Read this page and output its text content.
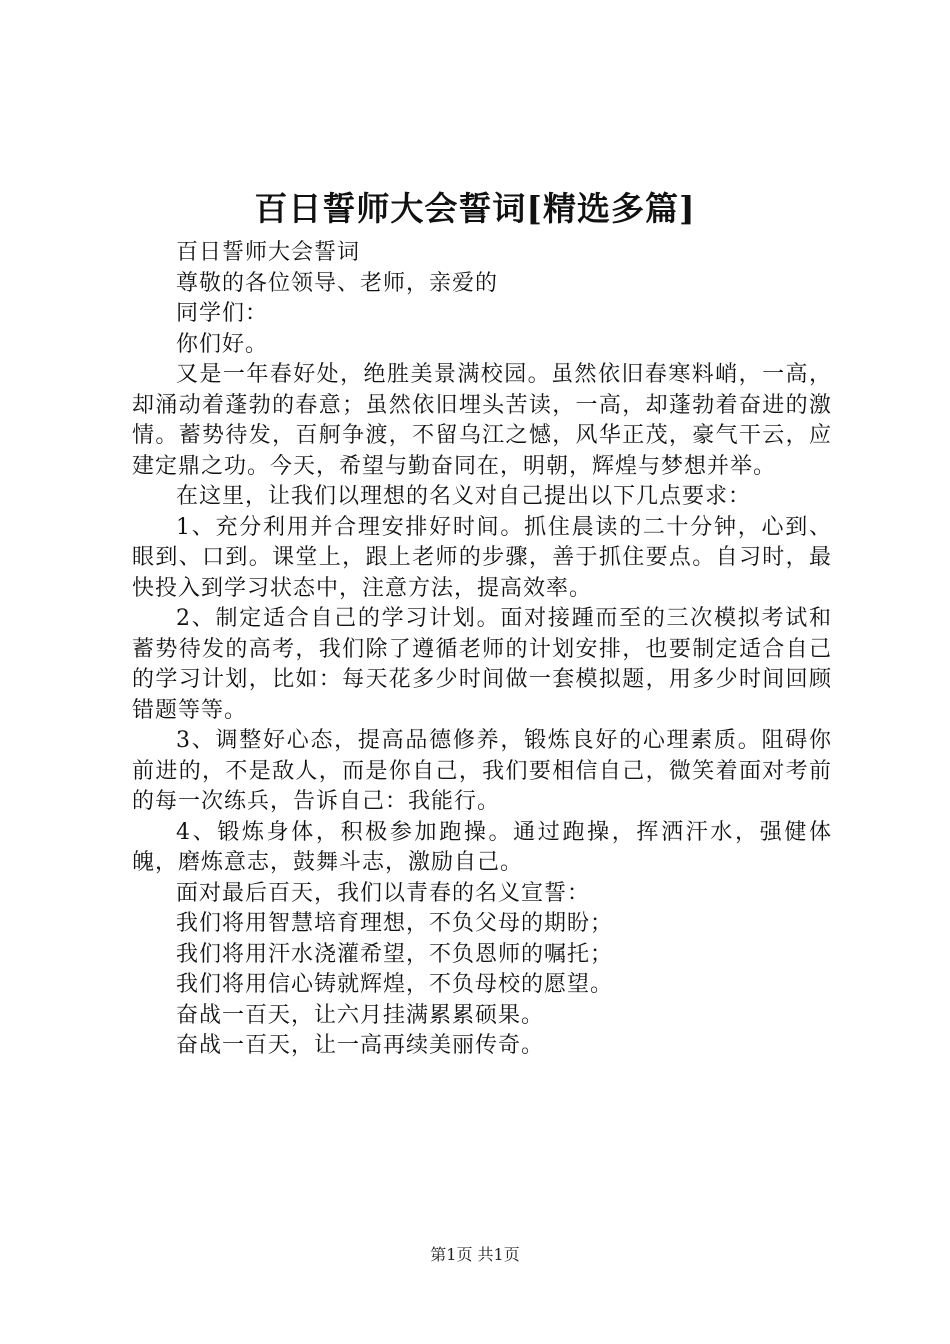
百日誓师大会誓词[精选多篇]

百日誓师大会誓词

尊敬的各位领导、老师，亲爱的

同学们：

你们好。

又是一年春好处，绝胜美景满校园。虽然依旧春寒料峭，一高，却涌动着蓬勃的春意；虽然依旧埋头苦读，一高，却蓬勃着奋进的激情。蓄势待发，百舸争渡，不留乌江之憾，风华正茂，豪气干云，应建定鼎之功。今天，希望与勤奋同在，明朝，辉煌与梦想并举。

在这里，让我们以理想的名义对自己提出以下几点要求：

1、充分利用并合理安排好时间。抓住晨读的二十分钟，心到、眼到、口到。课堂上，跟上老师的步骤，善于抓住要点。自习时，最快投入到学习状态中，注意方法，提高效率。

2、制定适合自己的学习计划。面对接踵而至的三次模拟考试和蓄势待发的高考，我们除了遵循老师的计划安排，也要制定适合自己的学习计划，比如：每天花多少时间做一套模拟题，用多少时间回顾错题等等。

3、调整好心态，提高品德修养，锻炼良好的心理素质。阻碍你前进的，不是敌人，而是你自己，我们要相信自己，微笑着面对考前的每一次练兵，告诉自己：我能行。

4、锻炼身体，积极参加跑操。通过跑操，挥洒汗水，强健体魄，磨炼意志，鼓舞斗志，激励自己。

面对最后百天，我们以青春的名义宣誓：

我们将用智慧培育理想，不负父母的期盼；

我们将用汗水浇灌希望，不负恩师的嘱托；

我们将用信心铸就辉煌，不负母校的愿望。

奋战一百天，让六月挂满累累硕果。

奋战一百天，让一高再续美丽传奇。

第1页 共1页
